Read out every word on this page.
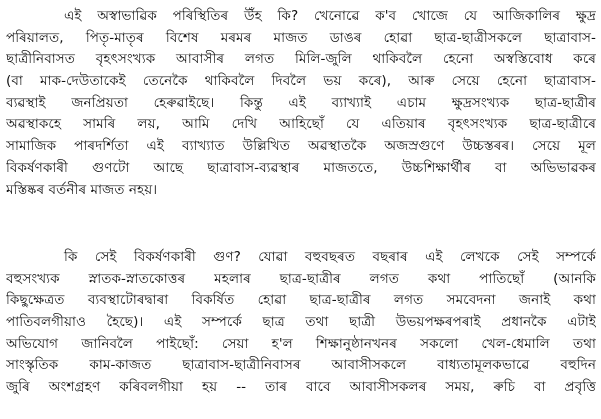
এই অস্বাভাৱিক পৰিস্থিতিৰ উঁহ কি? খেনোৱে ক'ব খোজে যে আজিকালিৰ ক্ষুদ্ৰ
পৰিয়ালত, পিতৃ-মাতৃৰ বিশেষ মৰমৰ মাজত ডাঙৰ হোৱা ছাত্ৰ-ছাত্ৰীসকলে ছাত্ৰাবাস-
ছাত্ৰীনিবাসত বৃহৎসংখ্যক আবাসীৰ লগত মিলি-জুলি থাকিবলৈ হেনো অস্বস্তিবোধ কৰে
(বা মাক-দেউতাকেই তেনেকৈ থাকিবলৈ দিবলৈ ভয় কৰে), আৰু সেয়ে হেনো ছাত্ৰাবাস-
ব্যৱস্থাই জনপ্ৰিয়তা হেৰুৱাইছে। কিন্তু এই ব্যাখ্যাই এচাম ক্ষুদ্ৰসংখ্যক ছাত্ৰ-ছাত্ৰীৰ
অৱস্থাকহে সামৰি লয়, আমি দেখি আহিছোঁ যে এতিয়াৰ বৃহৎসংখ্যক ছাত্ৰ-ছাত্ৰীৰে
সামাজিক পাৰদৰ্শিতা এই ব্যাখ্যাত উল্লিখিত অৱস্থাতকৈ অজস্ৰগুণে উচ্চস্তৰৰ। সেয়ে মূল
বিকৰ্ষণকাৰী গুণটো আছে ছাত্ৰাবাস-ব্যৱস্থাৰ মাজততে, উচ্চশিক্ষাৰ্থীৰ বা অভিভাৱকৰ
মস্তিষ্কৰ বৰ্তনীৰ মাজত নহয়।
কি সেই বিকৰ্ষণকাৰী গুণ? যোৱা বহুবছৰত বছৰাৰ এই লেখকে সেই সম্পৰ্কে
বহুসংখ্যক স্নাতক-স্নাতকোত্তৰ মহলাৰ ছাত্ৰ-ছাত্ৰীৰ লগত কথা পাতিছোঁ (আনকি
কিছুক্ষেত্ৰত ব্যবস্থাটোৰদ্বাৰা বিকৰ্ষিত হোৱা ছাত্ৰ-ছাত্ৰীৰ লগত সমবেদনা জনাই কথা
পাতিবলগীয়াও হৈছে)। এই সম্পৰ্কে ছাত্ৰ তথা ছাত্ৰী উভয়পক্ষৰপৰাই প্ৰধানকৈ এটাই
অভিযোগ জানিবলৈ পাইছোঁ: সেয়া হ'ল শিক্ষানুষ্ঠানখনৰ সকলো খেল-ধেমালি তথা
সাংস্কৃতিক কাম-কাজত ছাত্ৰাবাস-ছাত্ৰীনিবাসৰ আবাসীসকলে বাধ্যতামূলকভাৱে বহুদিন
জুৰি অংশগ্ৰহণ কৰিবলগীয়া হয় -- তাৰ বাবে আবাসীসকলৰ সময়, ৰুচি বা প্ৰবৃত্তি
